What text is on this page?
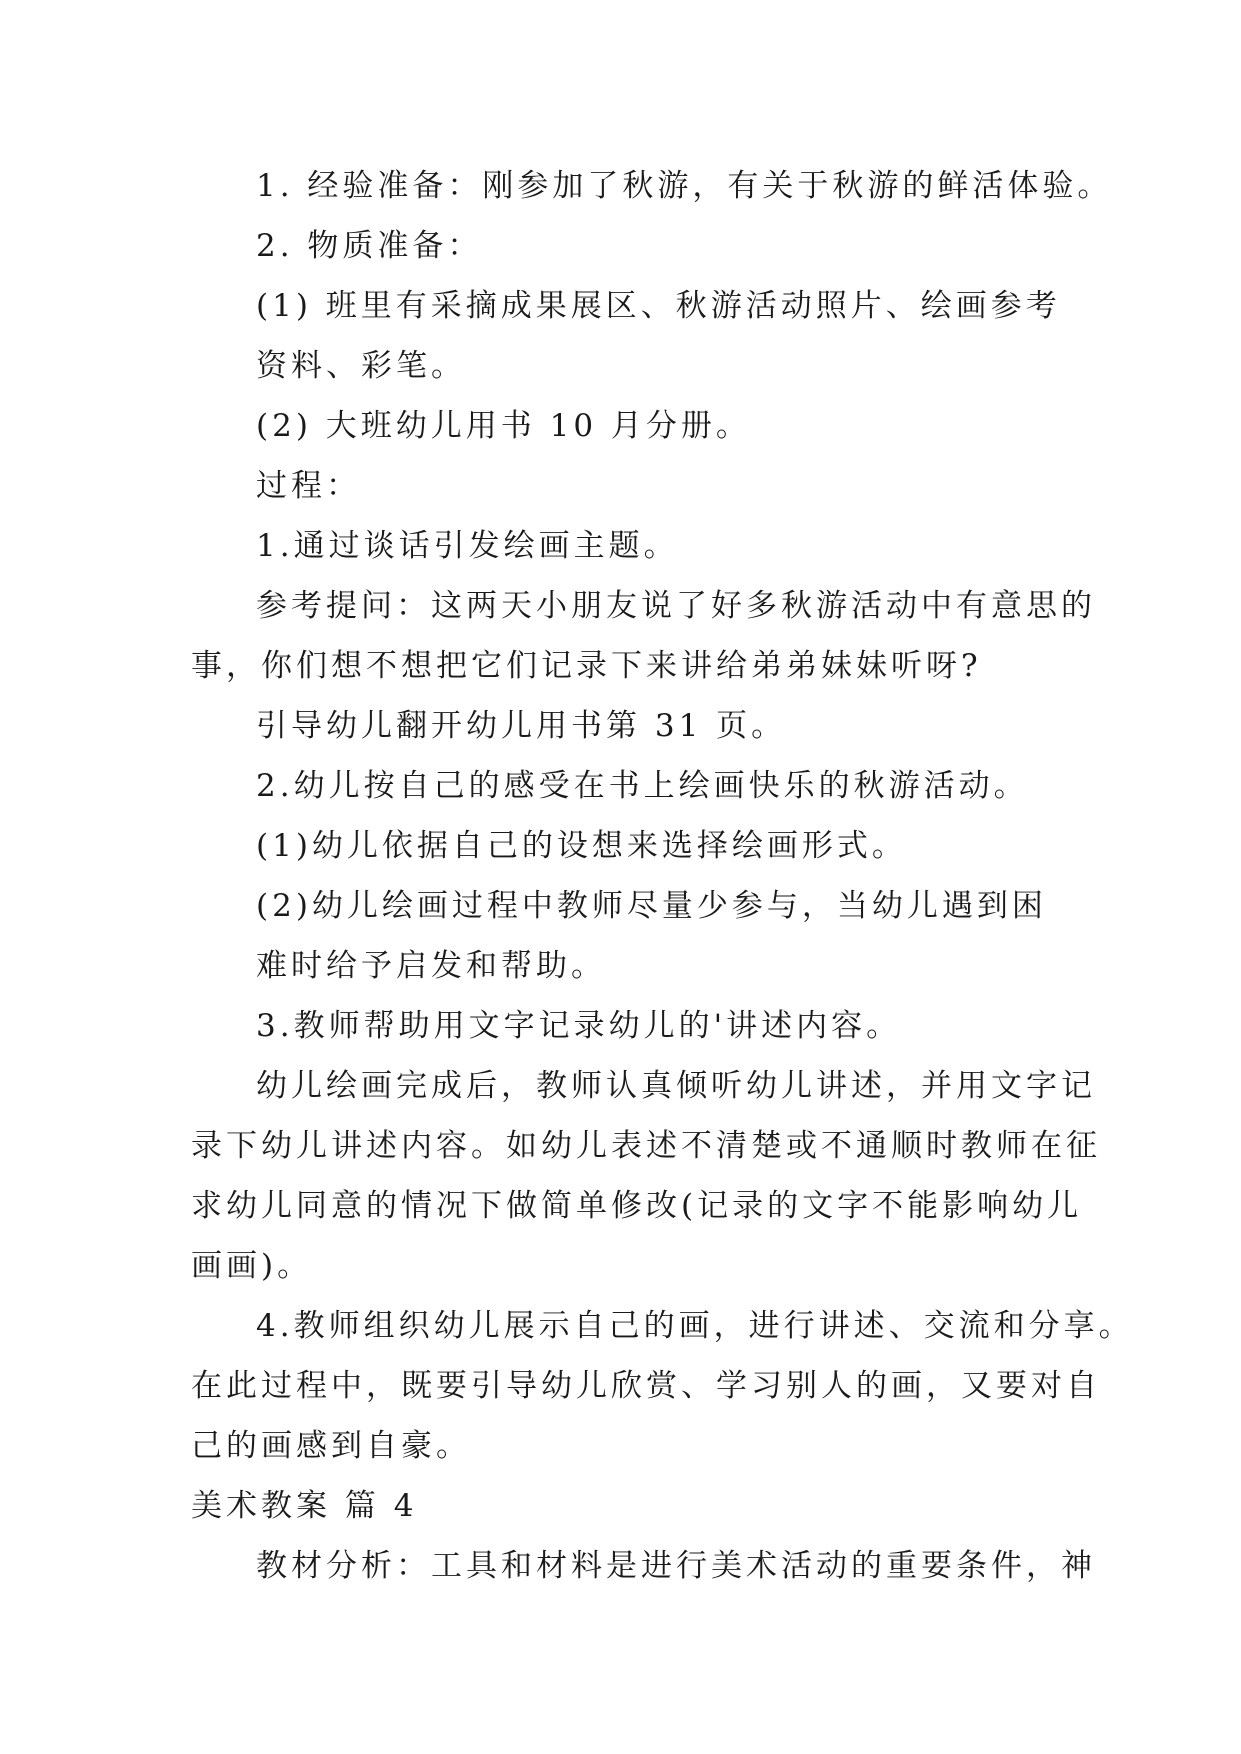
1. 经验准备：刚参加了秋游，有关于秋游的鲜活体验。
2. 物质准备：
(1) 班里有采摘成果展区、秋游活动照片、绘画参考
资料、彩笔。
(2) 大班幼儿用书 10 月分册。
过程：
1.通过谈话引发绘画主题。
参考提问：这两天小朋友说了好多秋游活动中有意思的
事，你们想不想把它们记录下来讲给弟弟妹妹听呀?
引导幼儿翻开幼儿用书第 31 页。
2.幼儿按自己的感受在书上绘画快乐的秋游活动。
(1)幼儿依据自己的设想来选择绘画形式。
(2)幼儿绘画过程中教师尽量少参与，当幼儿遇到困
难时给予启发和帮助。
3.教师帮助用文字记录幼儿的'讲述内容。
幼儿绘画完成后，教师认真倾听幼儿讲述，并用文字记
录下幼儿讲述内容。如幼儿表述不清楚或不通顺时教师在征
求幼儿同意的情况下做简单修改(记录的文字不能影响幼儿
画画)。
4.教师组织幼儿展示自己的画，进行讲述、交流和分享。
在此过程中，既要引导幼儿欣赏、学习别人的画，又要对自
己的画感到自豪。
美术教案 篇 4
教材分析：工具和材料是进行美术活动的重要条件，神
